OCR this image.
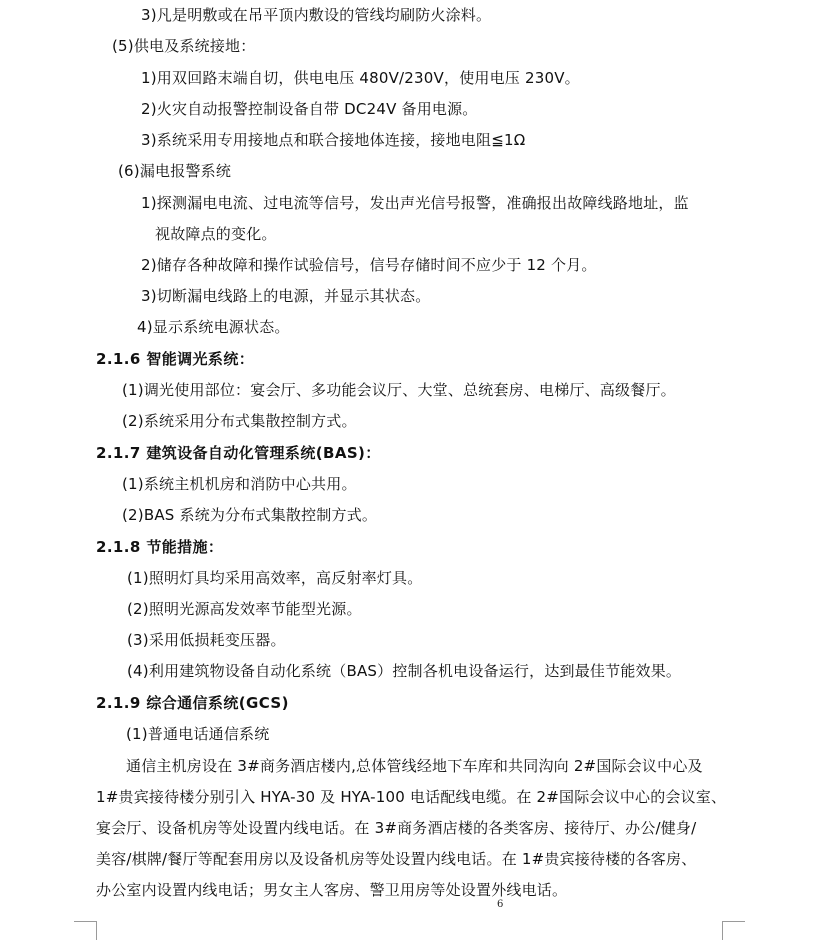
3)凡是明敷或在吊平顶内敷设的管线均刷防火涂料。
(5)供电及系统接地：
1)用双回路末端自切，供电电压 480V/230V，使用电压 230V。
2)火灾自动报警控制设备自带 DC24V 备用电源。
3)系统采用专用接地点和联合接地体连接，接地电阻≦1Ω
(6)漏电报警系统
1)探测漏电电流、过电流等信号，发出声光信号报警，准确报出故障线路地址，监
视故障点的变化。
2)储存各种故障和操作试验信号，信号存储时间不应少于 12 个月。
3)切断漏电线路上的电源，并显示其状态。
4)显示系统电源状态。
2.1.6 智能调光系统：
(1)调光使用部位：宴会厅、多功能会议厅、大堂、总统套房、电梯厅、高级餐厅。
(2)系统采用分布式集散控制方式。
2.1.7 建筑设备自动化管理系统(BAS)：
(1)系统主机机房和消防中心共用。
(2)BAS 系统为分布式集散控制方式。
2.1.8 节能措施：
(1)照明灯具均采用高效率，高反射率灯具。
(2)照明光源高发效率节能型光源。
(3)采用低损耗变压器。
(4)利用建筑物设备自动化系统（BAS）控制各机电设备运行，达到最佳节能效果。
2.1.9 综合通信系统(GCS)
(1)普通电话通信系统
通信主机房设在 3#商务酒店楼内,总体管线经地下车库和共同沟向 2#国际会议中心及
1#贵宾接待楼分别引入 HYA-30 及 HYA-100 电话配线电缆。在 2#国际会议中心的会议室、
宴会厅、设备机房等处设置内线电话。在 3#商务酒店楼的各类客房、接待厅、办公/健身/
美容/棋牌/餐厅等配套用房以及设备机房等处设置内线电话。在 1#贵宾接待楼的各客房、
办公室内设置内线电话；男女主人客房、警卫用房等处设置外线电话。
6
